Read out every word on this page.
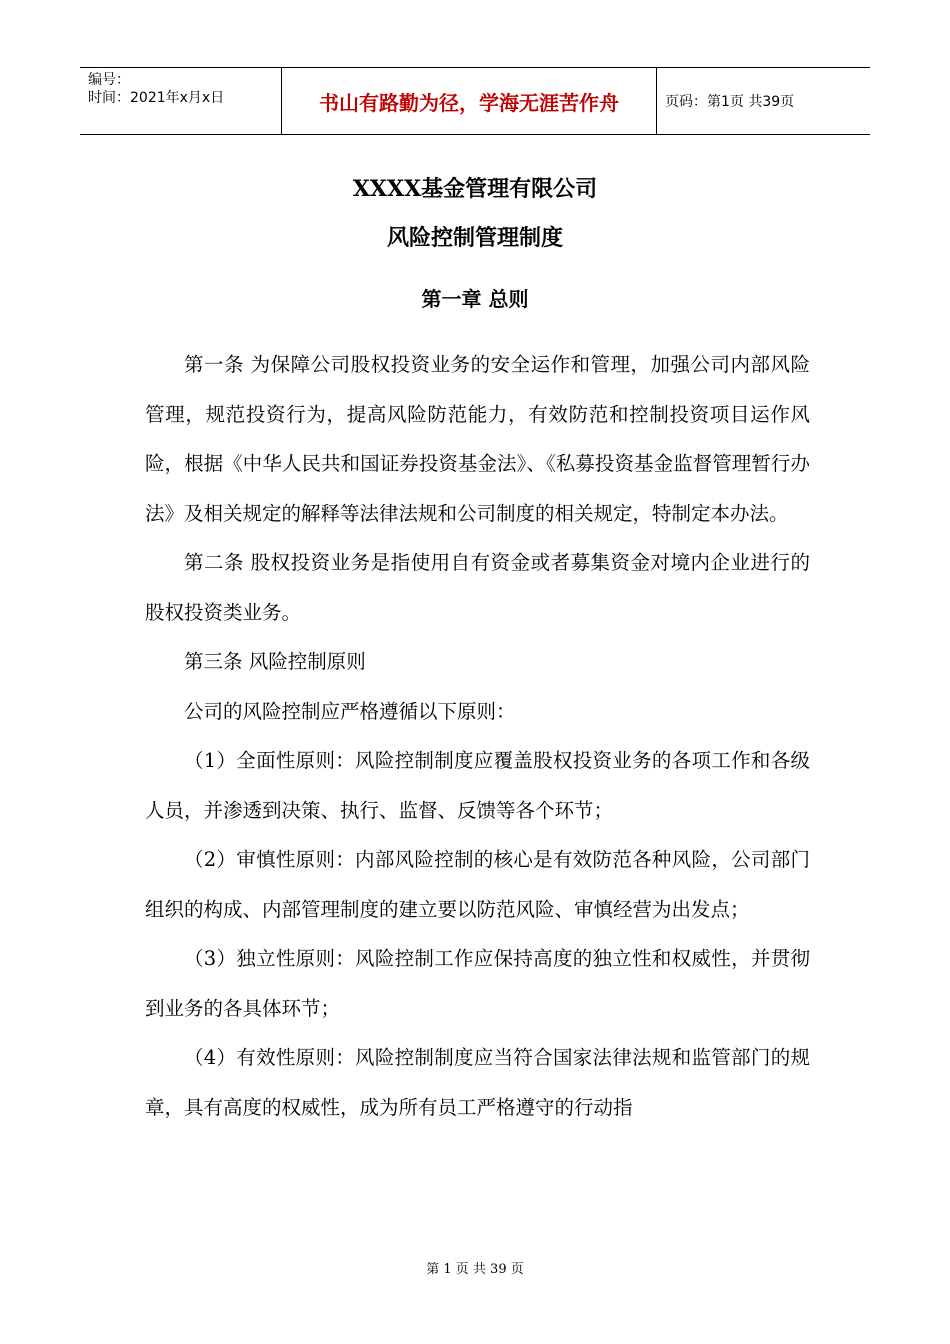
编号：
时间：2021年x月x日	书山有路勤为径，学海无涯苦作舟	页码：第1页 共39页
XXXX基金管理有限公司
风险控制管理制度
第一章 总则

第一条 为保障公司股权投资业务的安全运作和管理，加强公司内部风险管理，规范投资行为，提高风险防范能力，有效防范和控制投资项目运作风险，根据《中华人民共和国证券投资基金法》、《私募投资基金监督管理暂行办法》及相关规定的解释等法律法规和公司制度的相关规定，特制定本办法。

第二条 股权投资业务是指使用自有资金或者募集资金对境内企业进行的股权投资类业务。

第三条 风险控制原则

公司的风险控制应严格遵循以下原则：

（1）全面性原则：风险控制制度应覆盖股权投资业务的各项工作和各级人员，并渗透到决策、执行、监督、反馈等各个环节；

（2）审慎性原则：内部风险控制的核心是有效防范各种风险，公司部门组织的构成、内部管理制度的建立要以防范风险、审慎经营为出发点；

（3）独立性原则：风险控制工作应保持高度的独立性和权威性，并贯彻到业务的各具体环节；

（4）有效性原则：风险控制制度应当符合国家法律法规和监管部门的规章，具有高度的权威性，成为所有员工严格遵守的行动指

第 1 页 共 39 页
